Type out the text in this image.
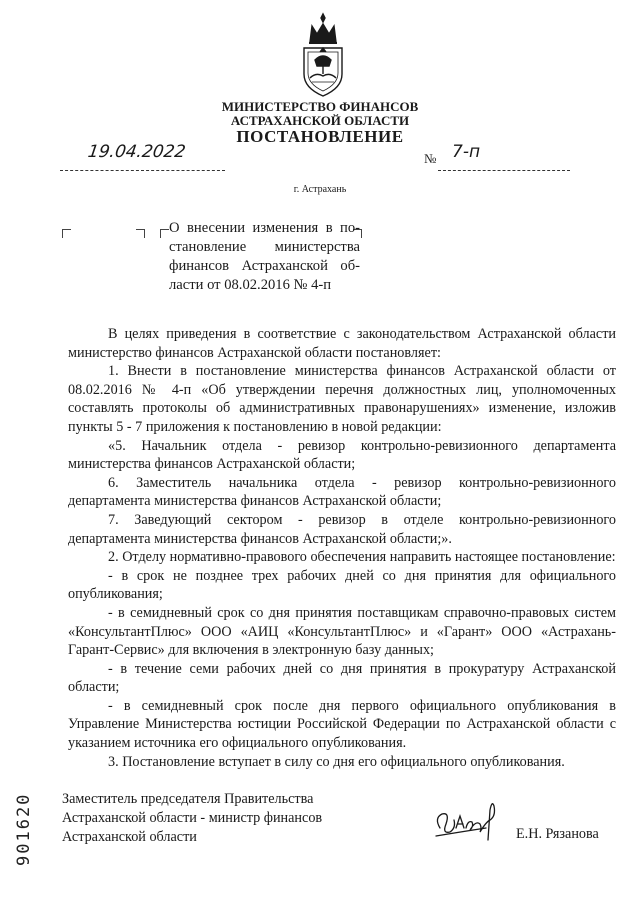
МИНИСТЕРСТВО ФИНАНСОВ
АСТРАХАНСКОЙ ОБЛАСТИ
ПОСТАНОВЛЕНИЕ
19.04.2022	№ 7-п
г. Астрахань
О внесении изменения в по-
становление министерства
финансов Астраханской об-
ласти от 08.02.2016 № 4-п

В целях приведения в соответствие с законодательством Астраханской области министерство финансов Астраханской области постановляет:

1. Внести в постановление министерства финансов Астраханской области от 08.02.2016 № 4-п «Об утверждении перечня должностных лиц, уполномоченных составлять протоколы об административных правонарушениях» изменение, изложив пункты 5 - 7 приложения к постановлению в новой редакции:

«5. Начальник отдела - ревизор контрольно-ревизионного департамента министерства финансов Астраханской области;

6. Заместитель начальника отдела - ревизор контрольно-ревизионного департамента министерства финансов Астраханской области;

7. Заведующий сектором - ревизор в отделе контрольно-ревизионного департамента министерства финансов Астраханской области;».

2. Отделу нормативно-правового обеспечения направить настоящее постановление:

- в срок не позднее трех рабочих дней со дня принятия для официального опубликования;

- в семидневный срок со дня принятия поставщикам справочно-правовых систем «КонсультантПлюс» ООО «АИЦ «КонсультантПлюс» и «Гарант» ООО «Астрахань-Гарант-Сервис» для включения в электронную базу данных;

- в течение семи рабочих дней со дня принятия в прокуратуру Астраханской области;

- в семидневный срок после дня первого официального опубликования в Управление Министерства юстиции Российской Федерации по Астраханской области с указанием источника его официального опубликования.

3. Постановление вступает в силу со дня его официального опубликования.

Заместитель председателя Правительства
Астраханской области - министр финансов
Астраханской области	Е.Н. Рязанова
901620
